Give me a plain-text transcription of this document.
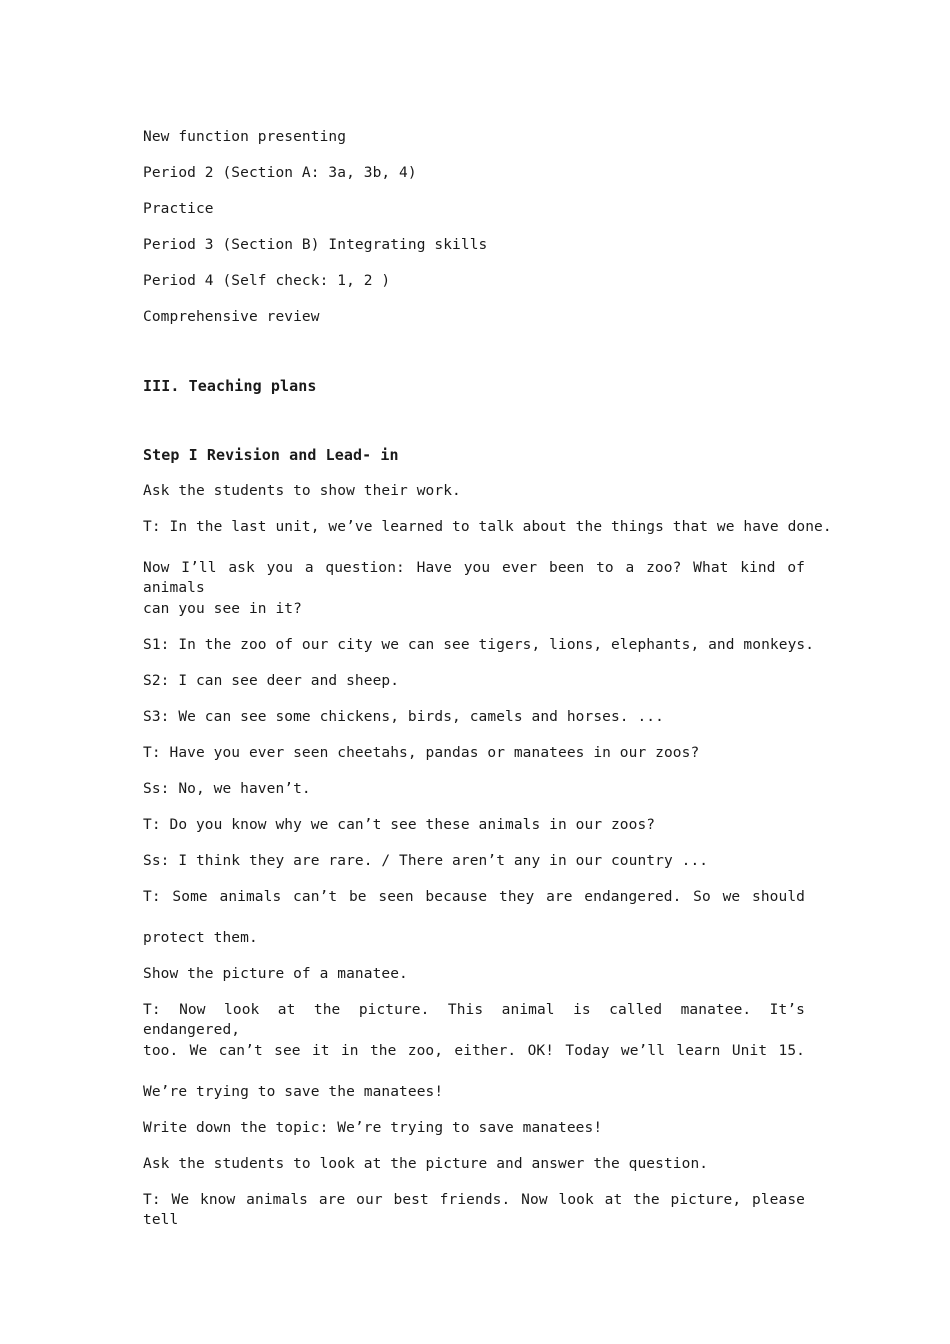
New function presenting
Period 2 (Section A: 3a, 3b, 4)
Practice
Period 3 (Section B) Integrating skills
Period 4 (Self check: 1, 2 )
Comprehensive review
III. Teaching plans
Step I Revision and Lead- in
Ask the students to show their work.
T: In the last unit, we’ve learned to talk about the things that we have done.
Now I’ll ask you a question: Have you ever been to a zoo? What kind of animals
can you see in it?
S1: In the zoo of our city we can see tigers, lions, elephants, and monkeys.
S2: I can see deer and sheep.
S3: We can see some chickens, birds, camels and horses. ...
T: Have you ever seen cheetahs, pandas or manatees in our zoos?
Ss: No, we haven’t.
T: Do you know why we can’t see these animals in our zoos?
Ss: I think they are rare. / There aren’t any in our country ...
T: Some animals can’t be seen because they are endangered. So we should
protect them.
Show the picture of a manatee.
T: Now look at the picture. This animal is called manatee. It’s endangered,
too. We can’t see it in the zoo, either. OK! Today we’ll learn Unit 15.
We’re trying to save the manatees!
Write down the topic: We’re trying to save manatees!
Ask the students to look at the picture and answer the question.
T: We know animals are our best friends. Now look at the picture, please tell
